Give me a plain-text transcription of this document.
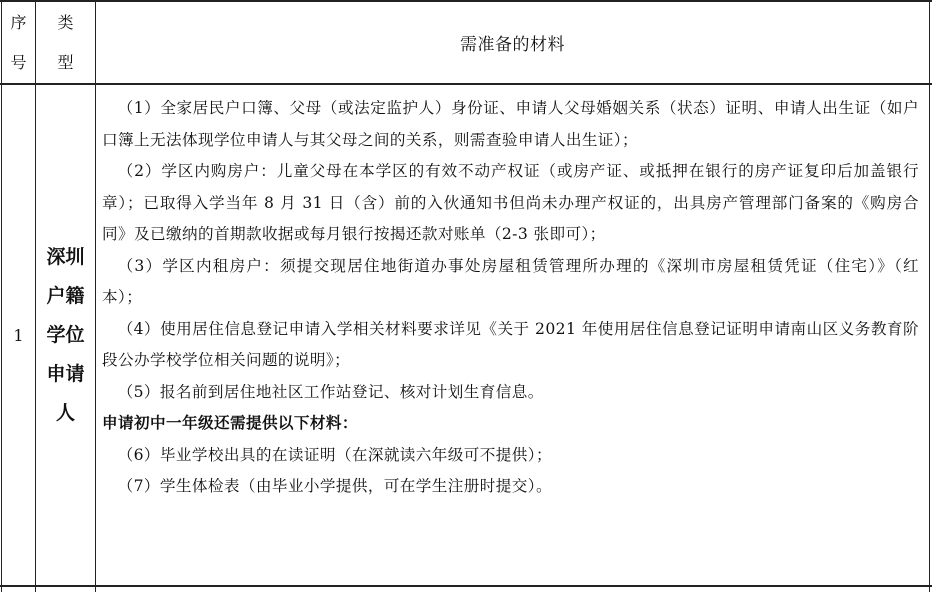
序
号
类
型
需准备的材料
1
深圳
户籍
学位
申请
人
（1）全家居民户口簿、父母（或法定监护人）身份证、申请人父母婚姻关系（状态）证明、申请人出生证（如户口簿上无法体现学位申请人与其父母之间的关系，则需查验申请人出生证）；
（2）学区内购房户：儿童父母在本学区的有效不动产权证（或房产证、或抵押在银行的房产证复印后加盖银行章）；已取得入学当年 8 月 31 日（含）前的入伙通知书但尚未办理产权证的，出具房产管理部门备案的《购房合同》及已缴纳的首期款收据或每月银行按揭还款对账单（2-3 张即可）；
（3）学区内租房户：须提交现居住地街道办事处房屋租赁管理所办理的《深圳市房屋租赁凭证（住宅）》（红本）；
（4）使用居住信息登记申请入学相关材料要求详见《关于 2021 年使用居住信息登记证明申请南山区义务教育阶段公办学校学位相关问题的说明》；
（5）报名前到居住地社区工作站登记、核对计划生育信息。
申请初中一年级还需提供以下材料：
（6）毕业学校出具的在读证明（在深就读六年级可不提供）；
（7）学生体检表（由毕业小学提供，可在学生注册时提交）。
